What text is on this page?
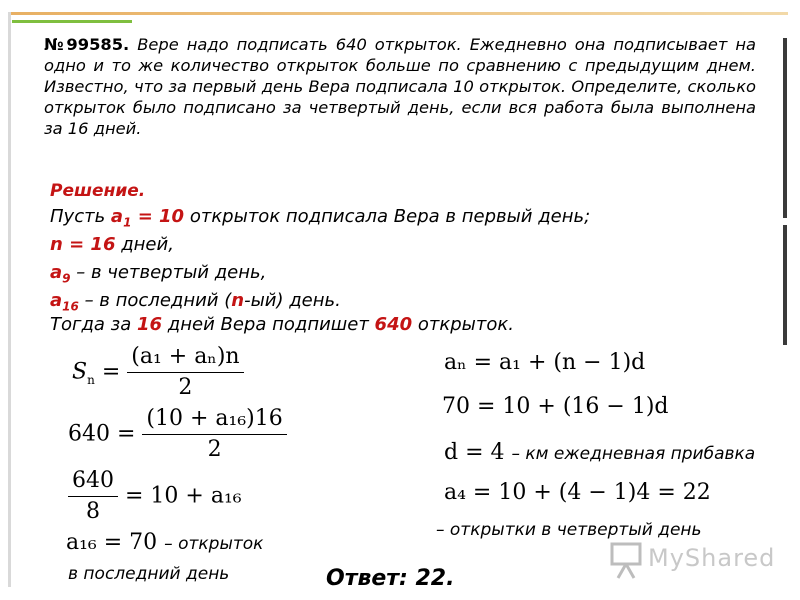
№99585. Вере надо подписать 640 открыток. Ежедневно она подписывает на одно и то же количество открыток больше по сравнению с предыдущим днем. Известно, что за первый день Вера подписала 10 открыток. Определите, сколько открыток было подписано за четвертый день, если вся работа была выполнена за 16 дней.
Решение.
Пусть $a_1 = 10$ открыток подписала Вера в первый день;
n = 16 дней,
$a_9$ – в четвертый день,
$a_{16}$ – в последний (n-ый) день.
Тогда за 16 дней Вера подпишет 640 открыток.
$S_n = \frac{\text{(a₁ + aₙ)n}}{2}$
$640 = \frac{\text{(10 + a₁₆)16}}{2}$
$\frac{640}{8} = 10 + a_{16}$
a₁₆ = 70 – открыток
в последний день
aₙ = a₁ + (n − 1)d
70 = 10 + (16 − 1)d
d = 4 – км ежедневная прибавка
a₄ = 10 + (4 − 1)4 = 22
– открытки в четвертый день
Ответ: 22.
MyShared
